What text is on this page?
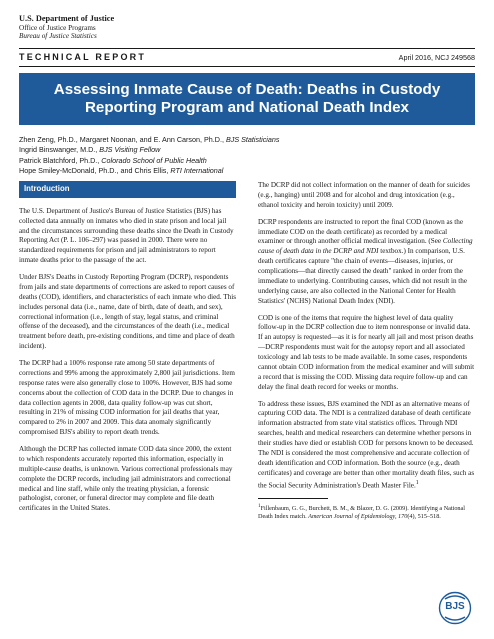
U.S. Department of Justice
Office of Justice Programs
Bureau of Justice Statistics
TECHNICAL REPORT	April 2016, NCJ 249568
Assessing Inmate Cause of Death: Deaths in Custody
Reporting Program and National Death Index
Zhen Zeng, Ph.D., Margaret Noonan, and E. Ann Carson, Ph.D., BJS Statisticians
Ingrid Binswanger, M.D., BJS Visiting Fellow
Patrick Blatchford, Ph.D., Colorado School of Public Health
Hope Smiley-McDonald, Ph.D., and Chris Ellis, RTI International
Introduction

The U.S. Department of Justice's Bureau of Justice Statistics (BJS) has collected data annually on inmates who died in state prison and local jail and the circumstances surrounding these deaths since the Death in Custody Reporting Act (P. L. 106–297) was passed in 2000. There were no standardized requirements for prison and jail administrators to report inmate deaths prior to the passage of the act.

Under BJS's Deaths in Custody Reporting Program (DCRP), respondents from jails and state departments of corrections are asked to report causes of deaths (COD), identifiers, and characteristics of each inmate who died. This includes personal data (i.e., name, date of birth, date of death, and sex), correctional information (i.e., length of stay, legal status, and criminal offense of the deceased), and the circumstances of the death (i.e., medical treatment before death, pre-existing conditions, and time and place of death incident).

The DCRP had a 100% response rate among 50 state departments of corrections and 99% among the approximately 2,800 jail jurisdictions. Item response rates were also generally close to 100%. However, BJS had some concerns about the collection of COD data in the DCRP. Due to changes in data collection agents in 2008, data quality follow-up was cut short, resulting in 21% of missing COD information for jail deaths that year, compared to 2% in 2007 and 2009. This data anomaly significantly compromised BJS's ability to report death trends.

Although the DCRP has collected inmate COD data since 2000, the extent to which respondents accurately reported this information, especially in multiple-cause deaths, is unknown. Various correctional professionals may complete the DCRP records, including jail administrators and correctional medical and line staff, while only the treating physician, a forensic pathologist, coroner, or funeral director may complete and file death certificates in the United States.

The DCRP did not collect information on the manner of death for suicides (e.g., hanging) until 2008 and for alcohol and drug intoxication (e.g., ethanol toxicity and heroin toxicity) until 2009.

DCRP respondents are instructed to report the final COD (known as the immediate COD on the death certificate) as recorded by a medical examiner or through another official medical investigation. (See Collecting cause of death data in the DCRP and NDI textbox.) In comparison, U.S. death certificates capture "the chain of events—diseases, injuries, or complications—that directly caused the death" ranked in order from the immediate to underlying. Contributing causes, which did not result in the underlying cause, are also collected in the National Center for Health Statistics' (NCHS) National Death Index (NDI).

COD is one of the items that require the highest level of data quality follow-up in the DCRP collection due to item nonresponse or invalid data. If an autopsy is requested—as it is for nearly all jail and most prison deaths—DCRP respondents must wait for the autopsy report and all associated toxicology and lab tests to be made available. In some cases, respondents cannot obtain COD information from the medical examiner and will submit a record that is missing the COD. Missing data require follow-up and can delay the final death record for weeks or months.

To address these issues, BJS examined the NDI as an alternative means of capturing COD data. The NDI is a centralized database of death certificate information abstracted from state vital statistics offices. Through NDI searches, health and medical researchers can determine whether persons in their studies have died or establish COD for persons known to be deceased. The NDI is considered the most comprehensive and accurate collection of death identification and COD information. Both the source (e.g., death certificates) and coverage are better than other mortality death files, such as the Social Security Administration's Death Master File.$^1$

$^1$Fillenbaum, G. G., Burchett, B. M., & Blazer, D. G. (2009). Identifying a National Death Index match. American Journal of Epidemiology, 170(4), 515–518.
BJS
